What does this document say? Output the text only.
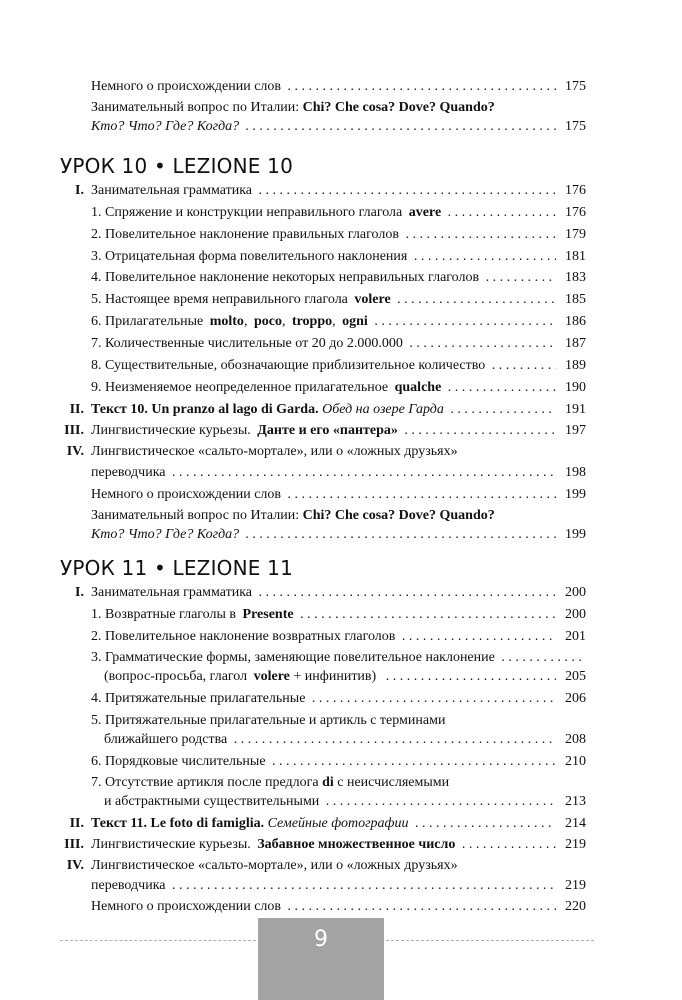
Немного о происхождении слов . . .	175
Занимательный вопрос по Италии: Chi? Che cosa? Dove? Quando?
Кто? Что? Где? Когда? . . .	175
УРОК 10 • LEZIONE 10
I. Занимательная грамматика . . .	176
1. Спряжение и конструкции неправильного глагола avere . . .	176
2. Повелительное наклонение правильных глаголов . . .	179
3. Отрицательная форма повелительного наклонения . . .	181
4. Повелительное наклонение некоторых неправильных глаголов . . .	183
5. Настоящее время неправильного глагола volere . . .	185
6. Прилагательные molto, poco, troppo, ogni . . .	186
7. Количественные числительные от 20 до 2.000.000 . . .	187
8. Существительные, обозначающие приблизительное количество . . .	189
9. Неизменяемое неопределенное прилагательное qualche . . .	190
II. Текст 10. Un pranzo al lago di Garda. Обед на озере Гарда . . .	191
III. Лингвистические курьезы. Данте и его «пантера» . . .	197
IV. Лингвистическое «сальто-мортале», или о «ложных друзьях»
переводчика . . .	198
Немного о происхождении слов . . .	199
Занимательный вопрос по Италии: Chi? Che cosa? Dove? Quando?
Кто? Что? Где? Когда? . . .	199
УРОК 11 • LEZIONE 11
I. Занимательная грамматика . . .	200
1. Возвратные глаголы в Presente . . .	200
2. Повелительное наклонение возвратных глаголов . . .	201
3. Грамматические формы, заменяющие повелительное наклонение . . .
(вопрос-просьба, глагол volere + инфинитив) . . .	205
4. Притяжательные прилагательные . . .	206
5. Притяжательные прилагательные и артикль с терминами
ближайшего родства . . .	208
6. Порядковые числительные . . .	210
7. Отсутствие артикля после предлога di с неисчисляемыми
и абстрактными существительными . . .	213
II. Текст 11. Le foto di famiglia. Семейные фотографии . . .	214
III. Лингвистические курьезы. Забавное множественное число . . .	219
IV. Лингвистическое «сальто-мортале», или о «ложных друзьях»
переводчика . . .	219
Немного о происхождении слов . . .	220
9
